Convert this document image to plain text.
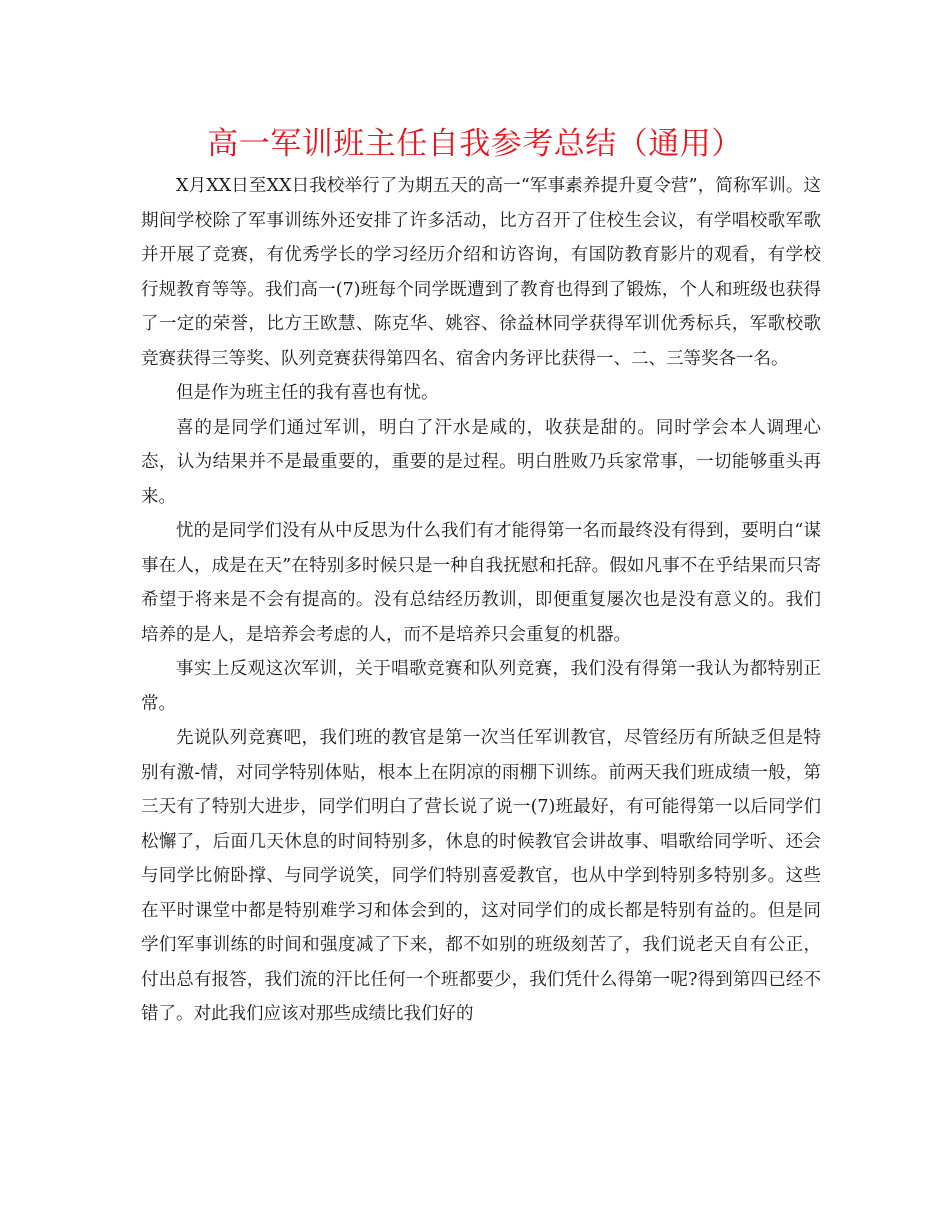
高一军训班主任自我参考总结（通用）

X月XX日至XX日我校举行了为期五天的高一“军事素养提升夏令营”，简称军训。这期间学校除了军事训练外还安排了许多活动，比方召开了住校生会议，有学唱校歌军歌并开展了竞赛，有优秀学长的学习经历介绍和访咨询，有国防教育影片的观看，有学校行规教育等等。我们高一(7)班每个同学既遭到了教育也得到了锻炼，个人和班级也获得了一定的荣誉，比方王欧慧、陈克华、姚容、徐益林同学获得军训优秀标兵，军歌校歌竞赛获得三等奖、队列竞赛获得第四名、宿舍内务评比获得一、二、三等奖各一名。

但是作为班主任的我有喜也有忧。

喜的是同学们通过军训，明白了汗水是咸的，收获是甜的。同时学会本人调理心态，认为结果并不是最重要的，重要的是过程。明白胜败乃兵家常事，一切能够重头再来。

忧的是同学们没有从中反思为什么我们有才能得第一名而最终没有得到，要明白“谋事在人，成是在天”在特别多时候只是一种自我抚慰和托辞。假如凡事不在乎结果而只寄希望于将来是不会有提高的。没有总结经历教训，即便重复屡次也是没有意义的。我们培养的是人，是培养会考虑的人，而不是培养只会重复的机器。

事实上反观这次军训，关于唱歌竞赛和队列竞赛，我们没有得第一我认为都特别正常。

先说队列竞赛吧，我们班的教官是第一次当任军训教官，尽管经历有所缺乏但是特别有激-情，对同学特别体贴，根本上在阴凉的雨棚下训练。前两天我们班成绩一般，第三天有了特别大进步，同学们明白了营长说了说一(7)班最好，有可能得第一以后同学们松懈了，后面几天休息的时间特别多，休息的时候教官会讲故事、唱歌给同学听、还会与同学比俯卧撑、与同学说笑，同学们特别喜爱教官，也从中学到特别多特别多。这些在平时课堂中都是特别难学习和体会到的，这对同学们的成长都是特别有益的。但是同学们军事训练的时间和强度减了下来，都不如别的班级刻苦了，我们说老天自有公正，付出总有报答，我们流的汗比任何一个班都要少，我们凭什么得第一呢?得到第四已经不错了。对此我们应该对那些成绩比我们好的
